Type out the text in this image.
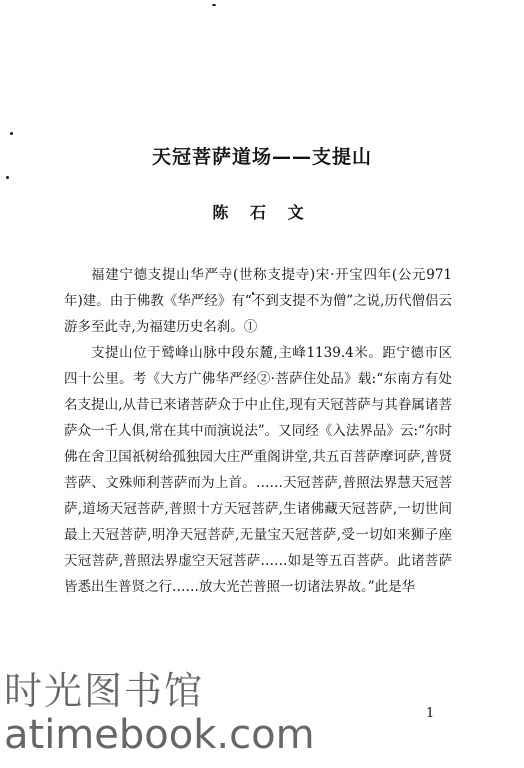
天冠菩萨道场——支提山
陈 石 文

福建宁德支提山华严寺(世称支提寺)宋·开宝四年(公元971年)建。由于佛教《华严经》有“不到支提不为僧”之说,历代僧侣云游多至此寺,为福建历史名刹。①

支提山位于鹫峰山脉中段东麓,主峰1139.4米。距宁德市区四十公里。考《大方广佛华严经②·菩萨住处品》载:“东南方有处名支提山,从昔已来诸菩萨众于中止住,现有天冠菩萨与其眷属诸菩萨众一千人俱,常在其中而演说法”。又同经《入法界品》云:“尔时佛在舍卫国祇树给孤独园大庄严重阁讲堂,共五百菩萨摩诃萨,普贤菩萨、文殊师利菩萨而为上首。……天冠菩萨,普照法界慧天冠菩萨,道场天冠菩萨,普照十方天冠菩萨,生诸佛藏天冠菩萨,一切世间最上天冠菩萨,明净天冠菩萨,无量宝天冠菩萨,受一切如来狮子座天冠菩萨,普照法界虚空天冠菩萨……如是等五百菩萨。此诸菩萨皆悉出生普贤之行……放大光芒普照一切诸法界故。”此是华

1
时光图书馆
atimebook.com
